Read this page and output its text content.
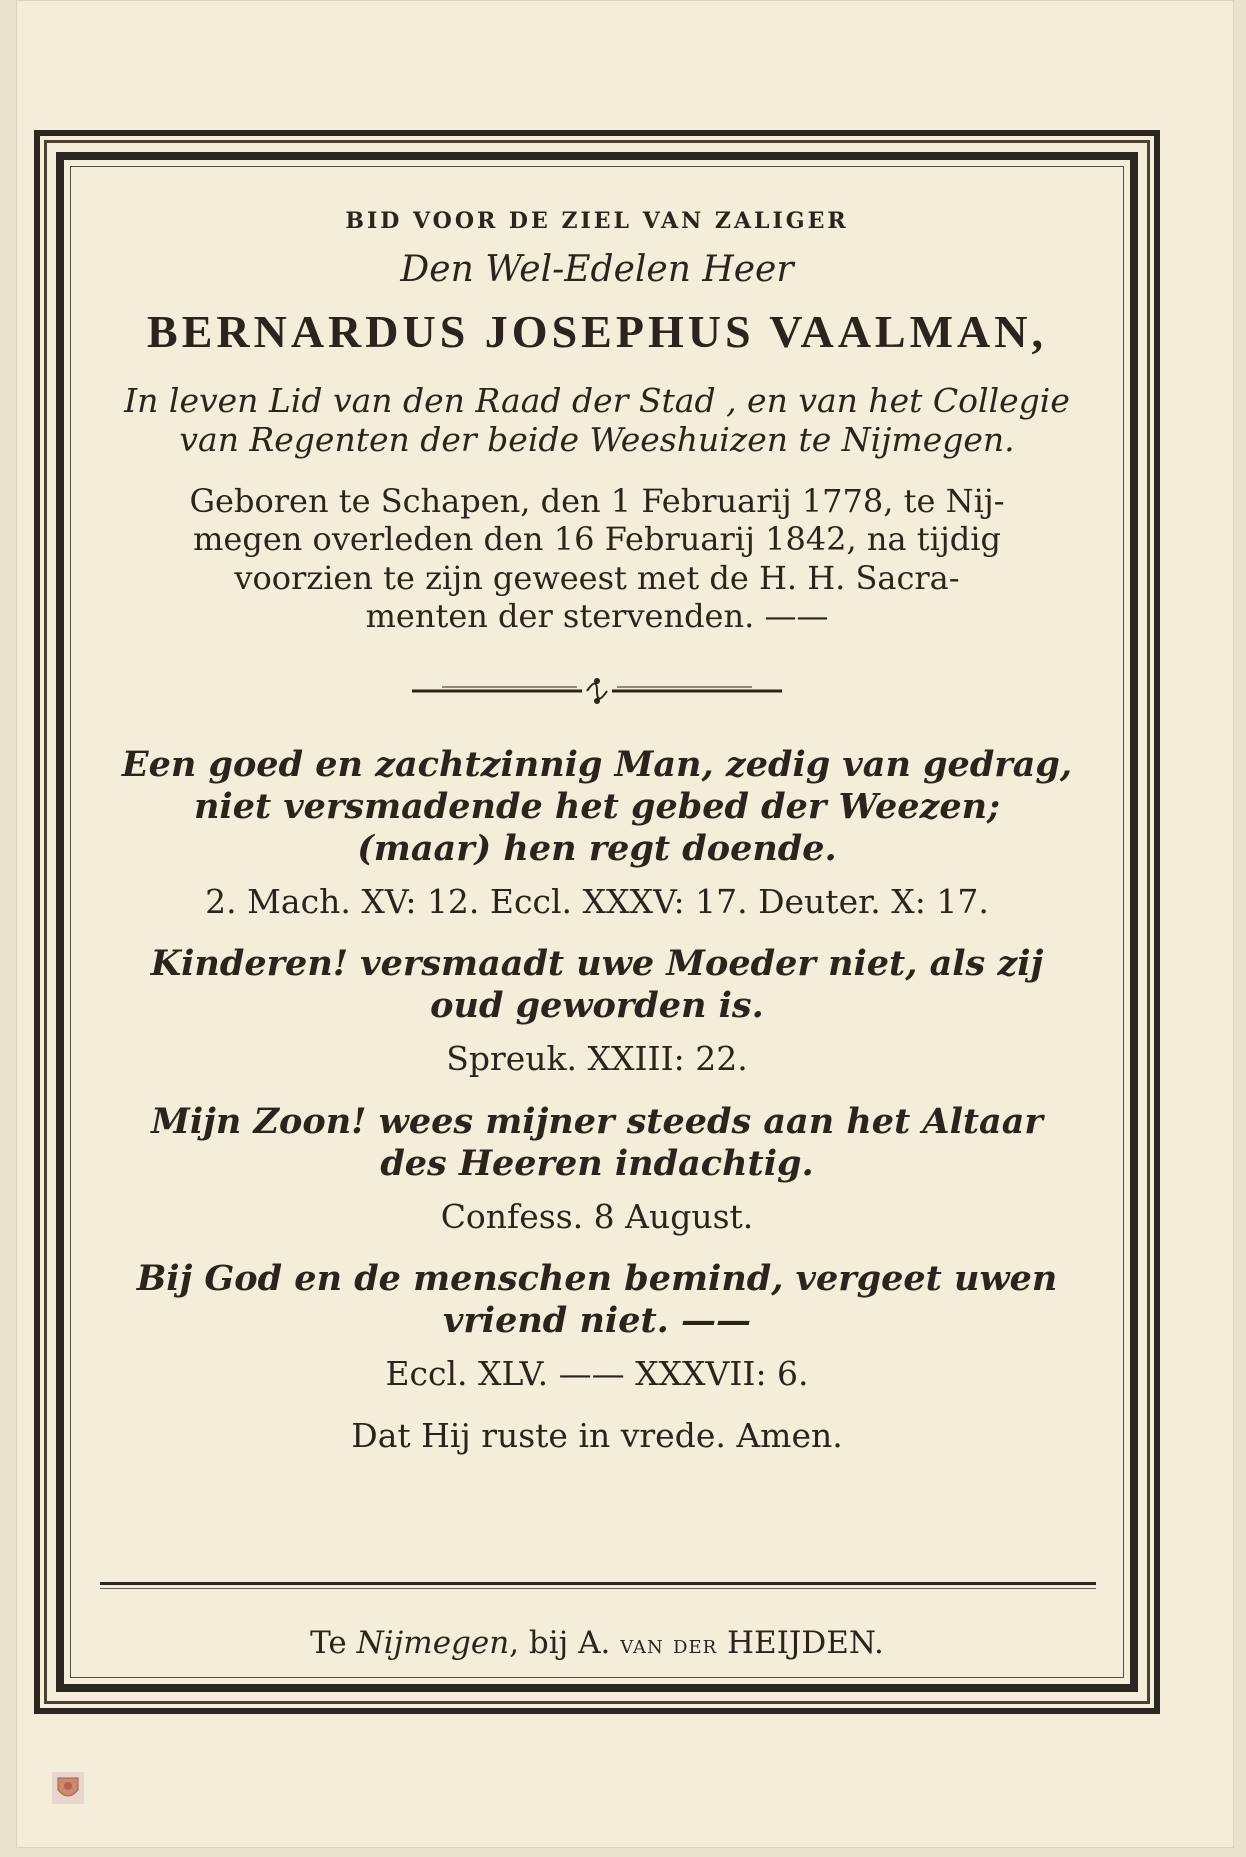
BID VOOR DE ZIEL VAN ZALIGER

Den Wel-Edelen Heer

BERNARDUS JOSEPHUS VAALMAN,

In leven Lid van den Raad der Stad , en van het Collegie

van Regenten der beide Weeshuizen te Nijmegen.

Geboren te Schapen, den 1 Februarij 1778, te Nij-

megen overleden den 16 Februarij 1842, na tijdig

voorzien te zijn geweest met de H. H. Sacra-

menten der stervenden. ——

Een goed en zachtzinnig Man, zedig van gedrag,

niet versmadende het gebed der Weezen;

(maar) hen regt doende.

2. Mach. XV: 12. Eccl. XXXV: 17. Deuter. X: 17.

Kinderen! versmaadt uwe Moeder niet, als zij

oud geworden is.

Spreuk. XXIII: 22.

Mijn Zoon! wees mijner steeds aan het Altaar

des Heeren indachtig.

Confess. 8 August.

Bij God en de menschen bemind, vergeet uwen

vriend niet. ——

Eccl. XLV. —— XXXVII: 6.

Dat Hij ruste in vrede. Amen.

Te Nijmegen, bij A. van der HEIJDEN.
